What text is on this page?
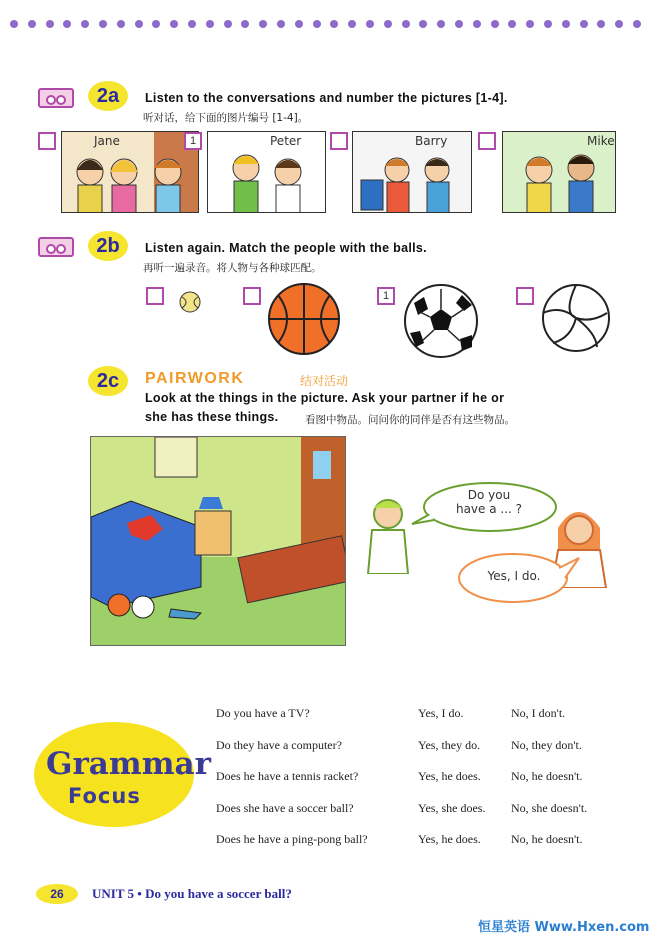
2a	Listen to the conversations and number the pictures [1-4].
听对话，给下面的图片编号 [1-4]。
Jane	1	Peter	Barry	Mike
2b	Listen again. Match the people with the balls.
再听一遍录音。将人物与各种球匹配。
1
2c	PAIRWORK	结对活动
Look at the things in the picture. Ask your partner if he or
she has these things.	看图中物品。问问你的同伴是否有这些物品。
Do you
have a ... ?
Yes, I do.
Grammar
Focus
Do you have a TV?	Yes, I do.	No, I don't.
Do they have a computer?	Yes, they do.	No, they don't.
Does he have a tennis racket?	Yes, he does.	No, he doesn't.
Does she have a soccer ball?	Yes, she does. No, she doesn't.
Does he have a ping-pong ball?	Yes, he does.	No, he doesn't.
26	UNIT 5 • Do you have a soccer ball?
恒星英语 Www.Hxen.com
